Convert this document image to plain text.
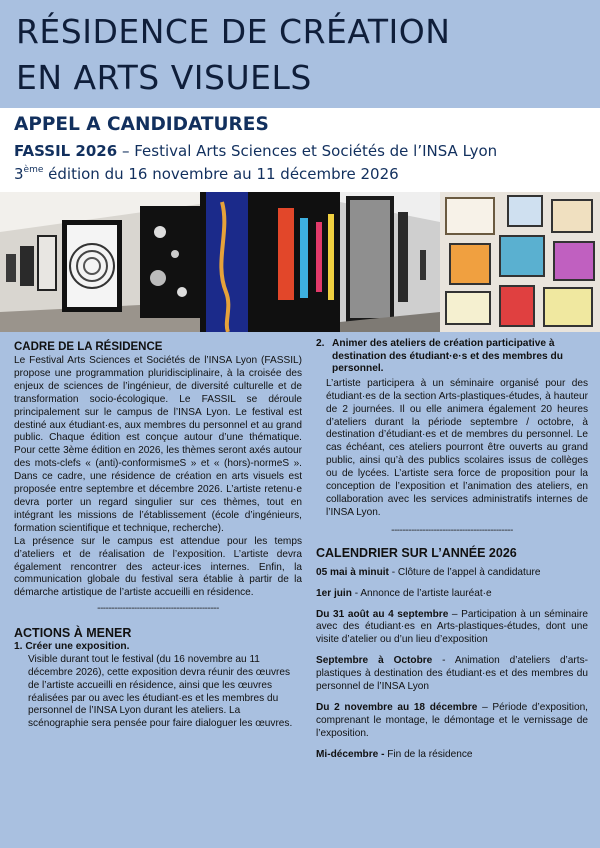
RÉSIDENCE DE CRÉATION
EN ARTS VISUELS
APPEL A CANDIDATURES
FASSIL 2026 – Festival Arts Sciences et Sociétés de l’INSA Lyon
3ème édition du 16 novembre au 11 décembre 2026
CADRE DE LA RÉSIDENCE

Le Festival Arts Sciences et Sociétés de l’INSA Lyon (FASSIL) propose une programmation pluridisciplinaire, à la croisée des enjeux de sciences de l’ingénieur, de diversité culturelle et de transformation socio-écologique. Le FASSIL se déroule principalement sur le campus de l’INSA Lyon. Le festival est destiné aux étudiant·es, aux membres du personnel et au grand public. Chaque édition est conçue autour d’une thématique. Pour cette 3ème édition en 2026, les thèmes seront axés autour des mots-clefs « (anti)-conformismeS » et « (hors)-normeS ». Dans ce cadre, une résidence de création en arts visuels est proposée entre septembre et décembre 2026. L’artiste retenu·e devra porter un regard singulier sur ces thèmes, tout en intégrant les missions de l’établissement (école d’ingénieurs, formation scientifique et technique, recherche).

La présence sur le campus est attendue pour les temps d’ateliers et de réalisation de l’exposition. L’artiste devra également rencontrer des acteur·ices internes. Enfin, la communication globale du festival sera établie à partir de la démarche artistique de l’artiste accueilli en résidence.

-------------------------------------------
ACTIONS À MENER
1. Créer une exposition.

Visible durant tout le festival (du 16 novembre au 11 décembre 2026), cette exposition devra réunir des œuvres de l’artiste accueilli en résidence, ainsi que les œuvres réalisées par ou avec les étudiant·es et les membres du personnel de l’INSA Lyon durant les ateliers. La scénographie sera pensée pour faire dialoguer les œuvres.

2. Animer des ateliers de création participative à destination des étudiant·e·s et des membres du personnel.

L’artiste participera à un séminaire organisé pour des étudiant·es de la section Arts-plastiques-études, à hauteur de 2 journées. Il ou elle animera également 20 heures d’ateliers durant la période septembre / octobre, à destination d’étudiant·es et de membres du personnel. Le cas échéant, ces ateliers pourront être ouverts au grand public, ainsi qu’à des publics scolaires issus de collèges ou de lycées. L’artiste sera force de proposition pour la conception de l’exposition et l’animation des ateliers, en collaboration avec les services administratifs internes de l’INSA Lyon.

-------------------------------------------
CALENDRIER SUR L’ANNÉE 2026

05 mai à minuit - Clôture de l’appel à candidature

1er juin - Annonce de l’artiste lauréat·e

Du 31 août au 4 septembre – Participation à un séminaire avec des étudiant·es en Arts-plastiques-études, dont une visite d’atelier ou d’un lieu d’exposition

Septembre à Octobre - Animation d’ateliers d’arts-plastiques à destination des étudiant·es et des membres du personnel de l’INSA Lyon

Du 2 novembre au 18 décembre – Période d’exposition, comprenant le montage, le démontage et le vernissage de l’exposition.

Mi-décembre - Fin de la résidence
